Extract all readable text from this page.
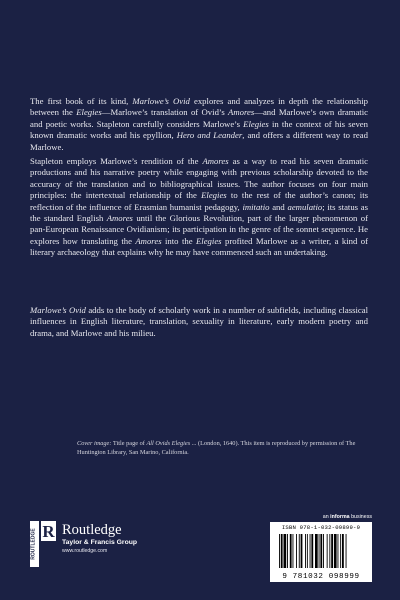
The first book of its kind, Marlowe’s Ovid explores and analyzes in depth the relationship between the Elegies—Marlowe’s translation of Ovid’s Amores—and Marlowe’s own dramatic and poetic works. Stapleton carefully considers Marlowe’s Elegies in the context of his seven known dramatic works and his epyllion, Hero and Leander, and offers a different way to read Marlowe.

Stapleton employs Marlowe’s rendition of the Amores as a way to read his seven dramatic productions and his narrative poetry while engaging with previous scholarship devoted to the accuracy of the translation and to bibliographical issues. The author focuses on four main principles: the intertextual relationship of the Elegies to the rest of the author’s canon; its reflection of the influence of Erasmian humanist pedagogy, imitatio and aemulatio; its status as the standard English Amores until the Glorious Revolution, part of the larger phenomenon of pan-European Renaissance Ovidianism; its participation in the genre of the sonnet sequence. He explores how translating the Amores into the Elegies profited Marlowe as a writer, a kind of literary archaeology that explains why he may have commenced such an undertaking.

Marlowe’s Ovid adds to the body of scholarly work in a number of subfields, including classical influences in English literature, translation, sexuality in literature, early modern poetry and drama, and Marlowe and his milieu.

Cover image: Title page of All Ovids Elegies ... (London, 1640). This item is reproduced by permission of The Huntington Library, San Marino, California.

an informa business
ISBN 978-1-032-09899-9
9 781032 098999
ROUTLEDGE R Routledge
Taylor & Francis Group
www.routledge.com
